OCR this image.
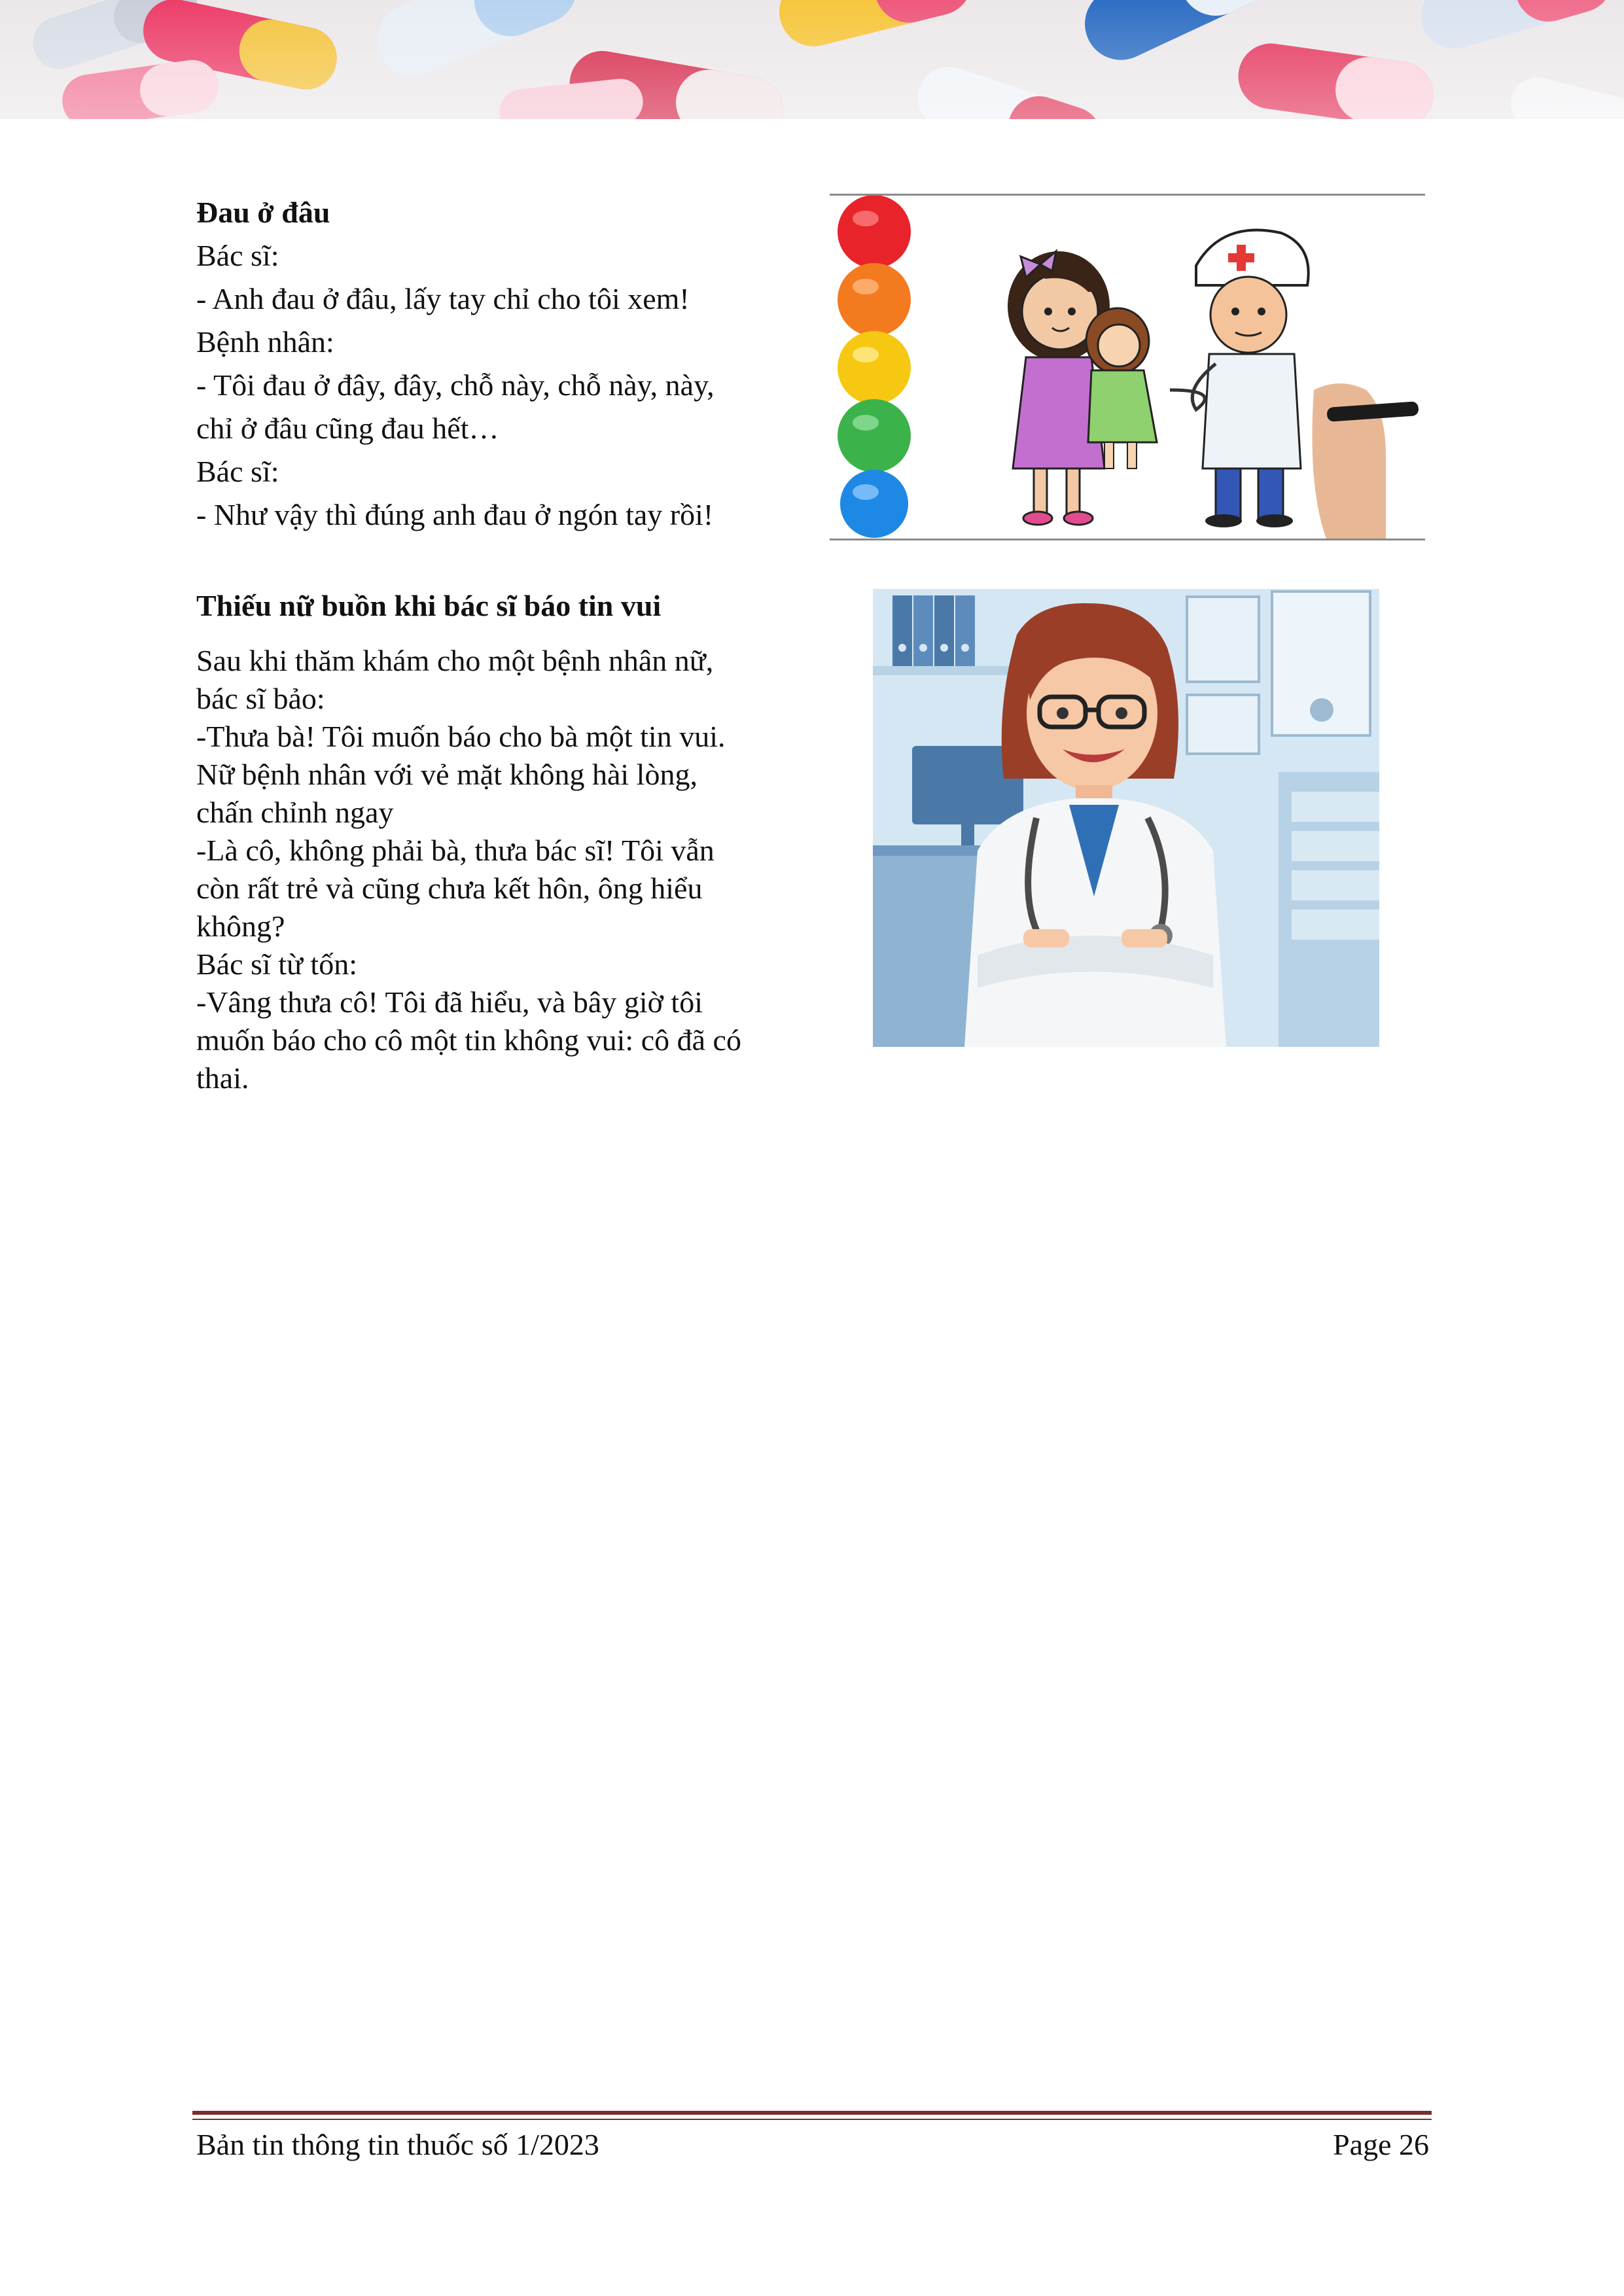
Đau ở đâu
Bác sĩ:
- Anh đau ở đâu, lấy tay chỉ cho tôi xem!
Bệnh nhân:
- Tôi đau ở đây, đây, chỗ này, chỗ này, này,
chỉ ở đâu cũng đau hết…
Bác sĩ:
- Như vậy thì đúng anh đau ở ngón tay rồi!
Thiếu nữ buồn khi bác sĩ báo tin vui
Sau khi thăm khám cho một bệnh nhân nữ,
bác sĩ bảo:
-Thưa bà! Tôi muốn báo cho bà một tin vui.
Nữ bệnh nhân với vẻ mặt không hài lòng,
chấn chỉnh ngay
-Là cô, không phải bà, thưa bác sĩ! Tôi vẫn
còn rất trẻ và cũng chưa kết hôn, ông hiểu
không?
Bác sĩ từ tốn:
-Vâng thưa cô! Tôi đã hiểu, và bây giờ tôi
muốn báo cho cô một tin không vui: cô đã có
thai.
Bản tin thông tin thuốc số 1/2023	Page 26
